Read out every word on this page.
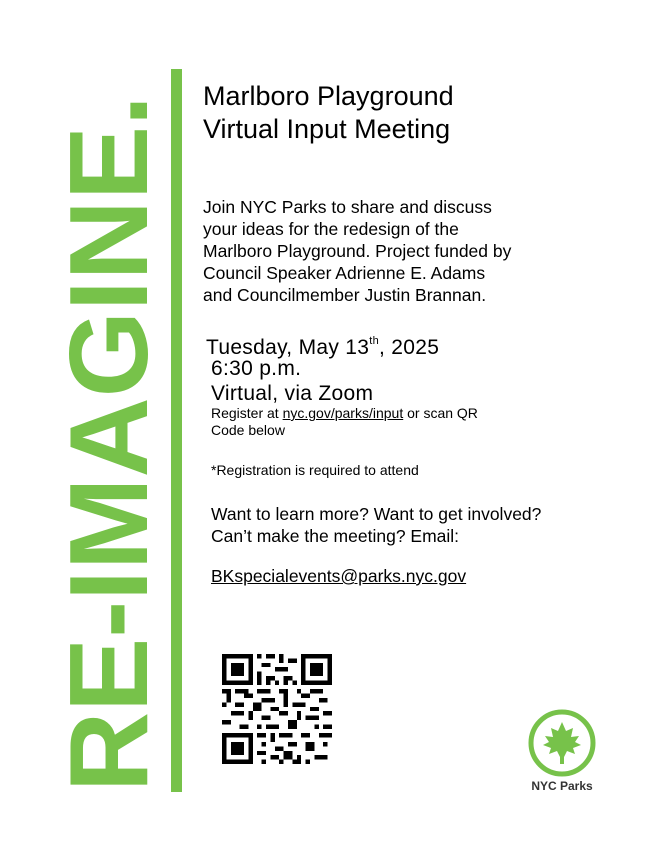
RE-IMAGINE. Marlboro Playground
Virtual Input Meeting
Join NYC Parks to share and discuss
your ideas for the redesign of the
Marlboro Playground. Project funded by
Council Speaker Adrienne E. Adams
and Councilmember Justin Brannan.
Tuesday, May 13th, 2025
6:30 p.m.
Virtual, via Zoom
Register at nyc.gov/parks/input or scan QR
Code below
*Registration is required to attend
Want to learn more? Want to get involved?
Can’t make the meeting? Email:
BKspecialevents@parks.nyc.gov
NYC Parks
